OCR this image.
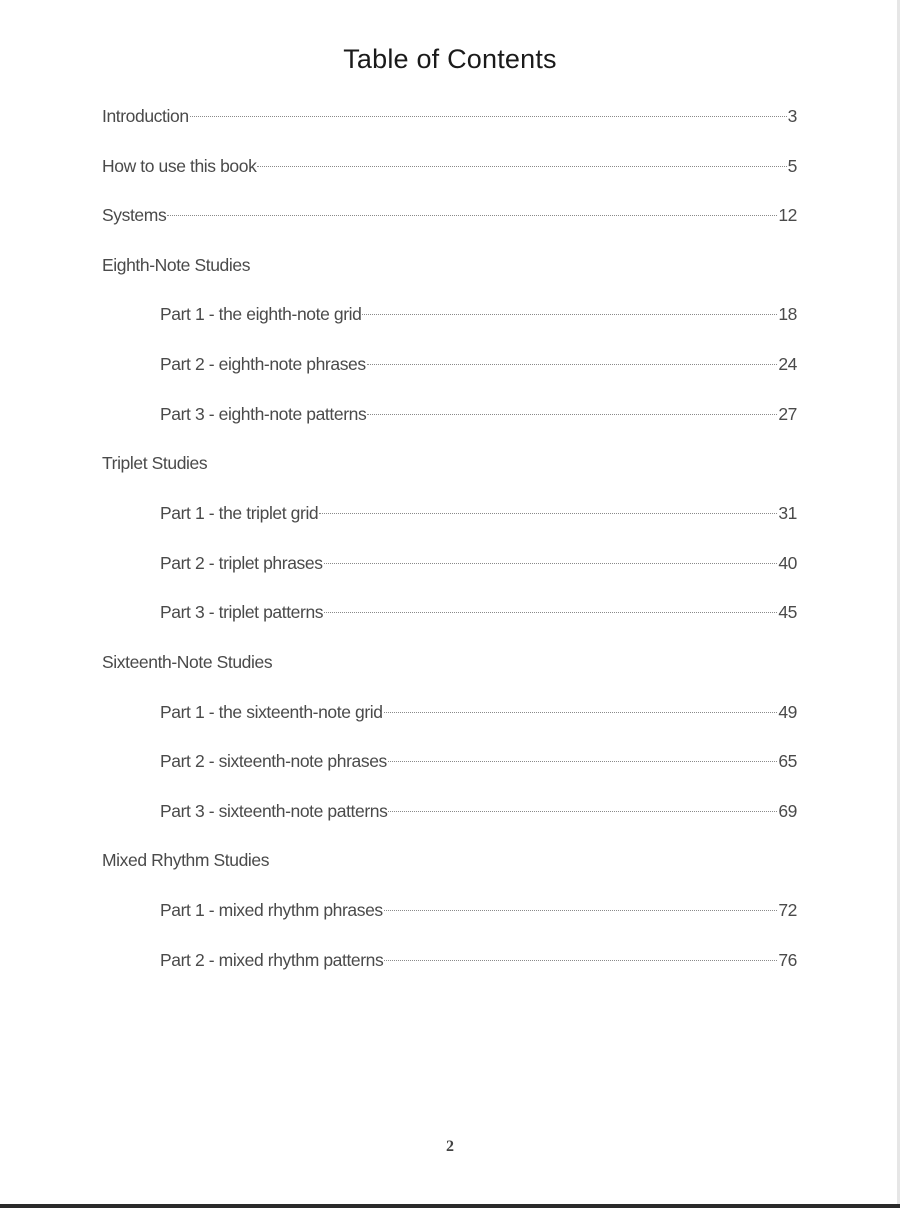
Table of Contents
Introduction	3
How to use this book	5
Systems	12
Eighth-Note Studies
Part 1 - the eighth-note grid	18
Part 2 - eighth-note phrases	24
Part 3 - eighth-note patterns	27
Triplet Studies
Part 1 - the triplet grid	31
Part 2 - triplet phrases	40
Part 3 - triplet patterns	45
Sixteenth-Note Studies
Part 1 - the sixteenth-note grid	49
Part 2 - sixteenth-note phrases	65
Part 3 - sixteenth-note patterns	69
Mixed Rhythm Studies
Part 1 - mixed rhythm phrases	72
Part 2 - mixed rhythm patterns	76
2
